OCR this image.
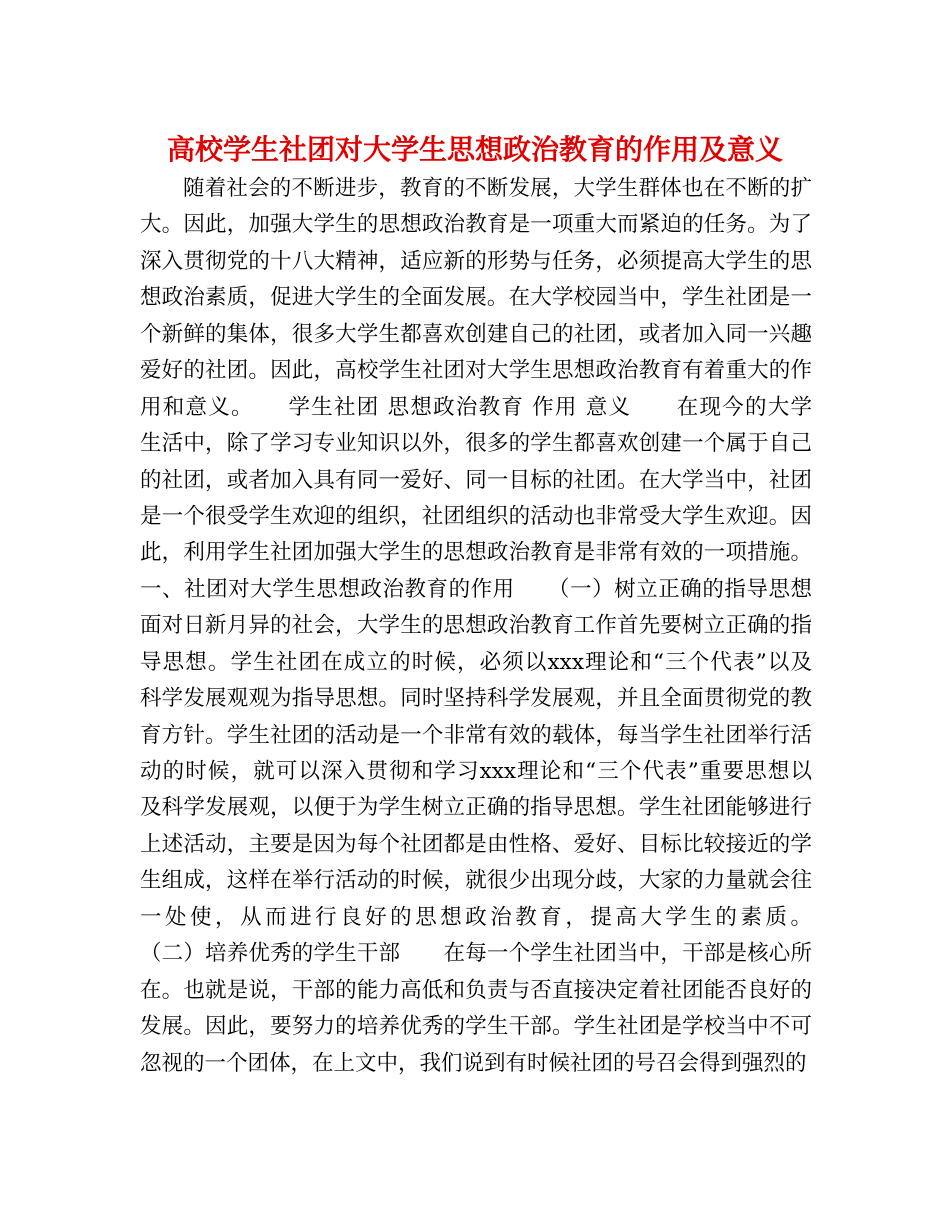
高校学生社团对大学生思想政治教育的作用及意义
随着社会的不断进步，教育的不断发展，大学生群体也在不断的扩
大。因此，加强大学生的思想政治教育是一项重大而紧迫的任务。为了
深入贯彻党的十八大精神，适应新的形势与任务，必须提高大学生的思
想政治素质，促进大学生的全面发展。在大学校园当中，学生社团是一
个新鲜的集体，很多大学生都喜欢创建自己的社团，或者加入同一兴趣
爱好的社团。因此，高校学生社团对大学生思想政治教育有着重大的作
用和意义。　　学生社团 思想政治教育 作用 意义　　在现今的大学
生活中，除了学习专业知识以外，很多的学生都喜欢创建一个属于自己
的社团，或者加入具有同一爱好、同一目标的社团。在大学当中，社团
是一个很受学生欢迎的组织，社团组织的活动也非常受大学生欢迎。因
此，利用学生社团加强大学生的思想政治教育是非常有效的一项措施。
一、社团对大学生思想政治教育的作用　　（一）树立正确的指导思想
面对日新月异的社会，大学生的思想政治教育工作首先要树立正确的指
导思想。学生社团在成立的时候，必须以xxx理论和“三个代表”以及
科学发展观观为指导思想。同时坚持科学发展观，并且全面贯彻党的教
育方针。学生社团的活动是一个非常有效的载体，每当学生社团举行活
动的时候，就可以深入贯彻和学习xxx理论和“三个代表”重要思想以
及科学发展观，以便于为学生树立正确的指导思想。学生社团能够进行
上述活动，主要是因为每个社团都是由性格、爱好、目标比较接近的学
生组成，这样在举行活动的时候，就很少出现分歧，大家的力量就会往
一处使，从而进行良好的思想政治教育，提高大学生的素质。
（二）培养优秀的学生干部　　在每一个学生社团当中，干部是核心所
在。也就是说，干部的能力高低和负责与否直接决定着社团能否良好的
发展。因此，要努力的培养优秀的学生干部。学生社团是学校当中不可
忽视的一个团体，在上文中，我们说到有时候社团的号召会得到强烈的
